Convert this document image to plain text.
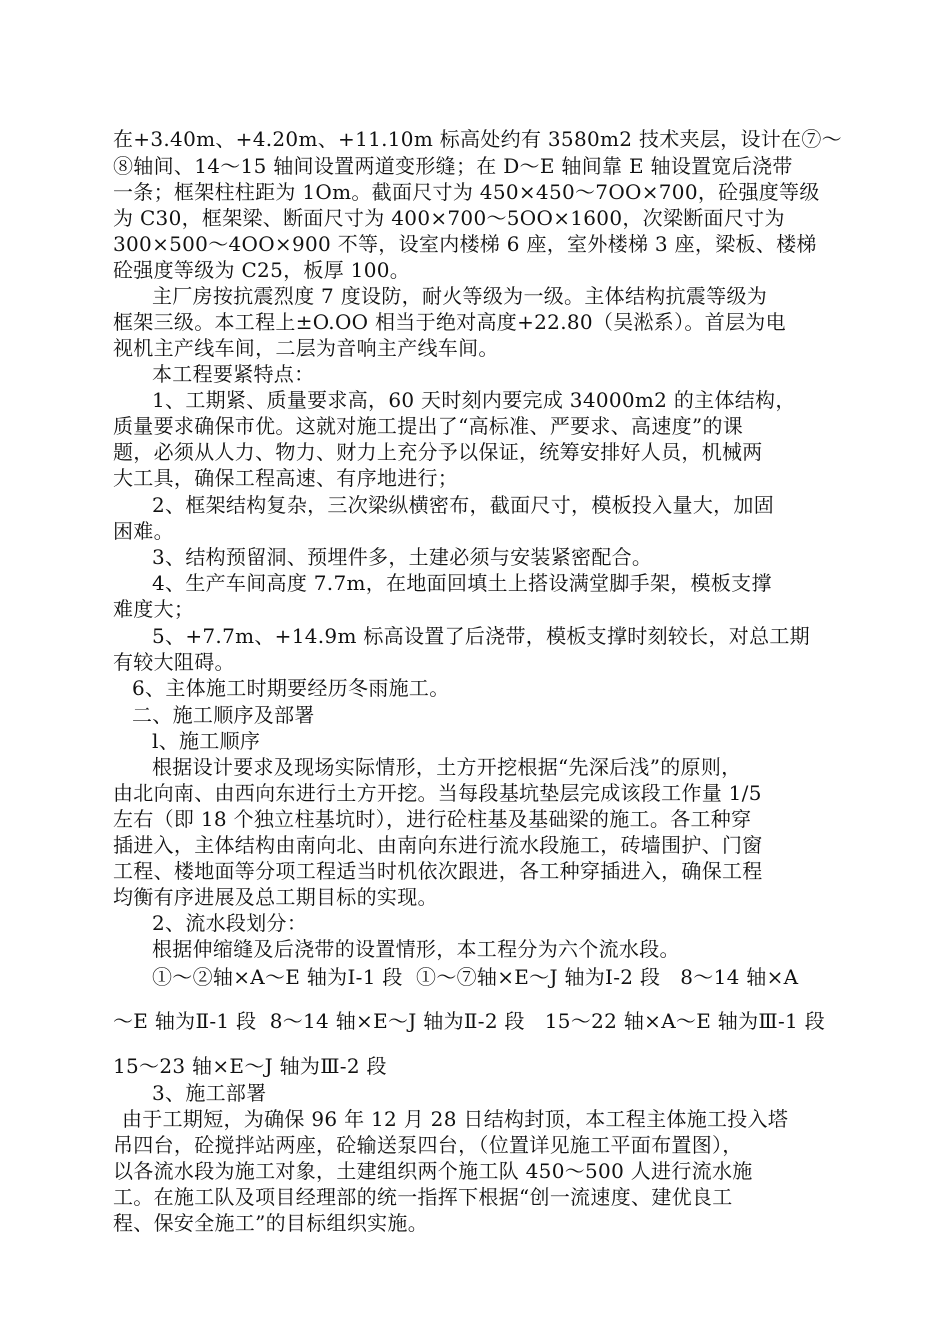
在+3.40m、+4.20m、+11.10m 标高处约有 3580m2 技术夹层，设计在⑦～
⑧轴间、14～15 轴间设置两道变形缝；在 D～E 轴间靠 E 轴设置宽后浇带
一条；框架柱柱距为 1Om。截面尺寸为 450×450～7OO×700，砼强度等级
为 C30，框架梁、断面尺寸为 400×700～5OO×1600，次梁断面尺寸为
300×500～4OO×900 不等，设室内楼梯 6 座，室外楼梯 3 座，梁板、楼梯
砼强度等级为 C25，板厚 100。
主厂房按抗震烈度 7 度设防，耐火等级为一级。主体结构抗震等级为
框架三级。本工程上±O.OO 相当于绝对高度+22.80（吴淞系）。首层为电
视机主产线车间，二层为音响主产线车间。
本工程要紧特点：
1、工期紧、质量要求高，60 天时刻内要完成 34000m2 的主体结构，
质量要求确保市优。这就对施工提出了“高标准、严要求、高速度”的课
题，必须从人力、物力、财力上充分予以保证，统筹安排好人员，机械两
大工具，确保工程高速、有序地进行；
2、框架结构复杂，三次梁纵横密布，截面尺寸，模板投入量大，加固
困难。
3、结构预留洞、预埋件多，土建必须与安装紧密配合。
4、生产车间高度 7.7m，在地面回填土上搭设满堂脚手架，模板支撑
难度大；
5、+7.7m、+14.9m 标高设置了后浇带，模板支撑时刻较长，对总工期
有较大阻碍。
6、主体施工时期要经历冬雨施工。
二、施工顺序及部署
l、施工顺序
根据设计要求及现场实际情形，土方开挖根据“先深后浅”的原则，
由北向南、由西向东进行土方开挖。当每段基坑垫层完成该段工作量 1/5
左右（即 18 个独立柱基坑时），进行砼柱基及基础梁的施工。各工种穿
插进入，主体结构由南向北、由南向东进行流水段施工，砖墙围护、门窗
工程、楼地面等分项工程适当时机依次跟进，各工种穿插进入，确保工程
均衡有序进展及总工期目标的实现。
2、流水段划分：
根据伸缩缝及后浇带的设置情形，本工程分为六个流水段。
①～②轴×A～E 轴为Ⅰ-1 段  ①～⑦轴×E～J 轴为Ⅰ-2 段   8～14 轴×A
～E 轴为Ⅱ-1 段  8～14 轴×E～J 轴为Ⅱ-2 段   15～22 轴×A～E 轴为Ⅲ-1 段
15～23 轴×E～J 轴为Ⅲ-2 段
3、施工部署
由于工期短，为确保 96 年 12 月 28 日结构封顶，本工程主体施工投入塔
吊四台，砼搅拌站两座，砼输送泵四台，（位置详见施工平面布置图），
以各流水段为施工对象，土建组织两个施工队 450～500 人进行流水施
工。在施工队及项目经理部的统一指挥下根据“创一流速度、建优良工
程、保安全施工”的目标组织实施。
